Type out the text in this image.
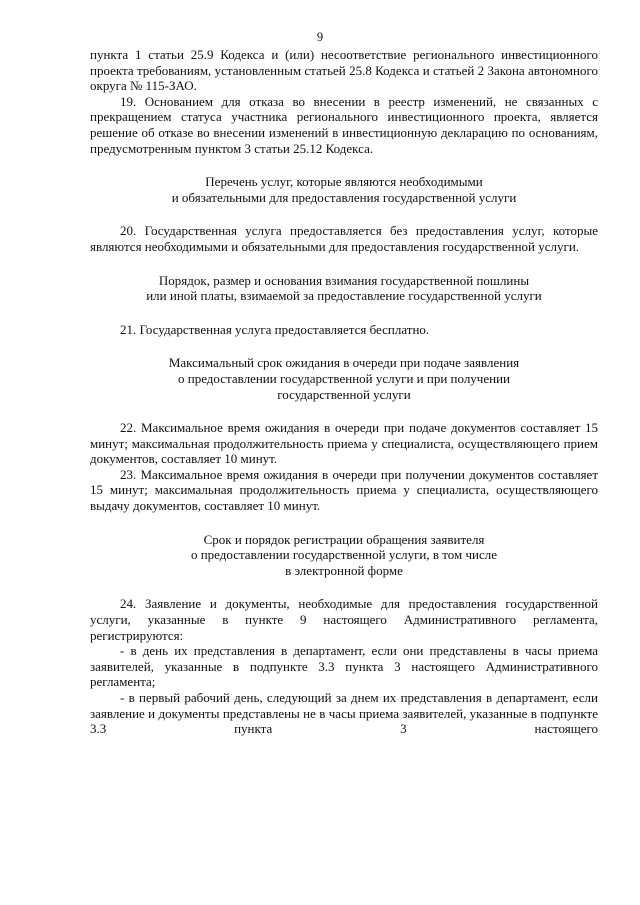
9

пункта 1 статьи 25.9 Кодекса и (или) несоответствие регионального инвестиционного проекта требованиям, установленным статьей 25.8 Кодекса и статьей 2 Закона автономного округа № 115-ЗАО.

19. Основанием для отказа во внесении в реестр изменений, не связанных с прекращением статуса участника регионального инвестиционного проекта, является решение об отказе во внесении изменений в инвестиционную декларацию по основаниям, предусмотренным пунктом 3 статьи 25.12 Кодекса.

Перечень услуг, которые являются необходимыми
и обязательными для предоставления государственной услуги

20. Государственная услуга предоставляется без предоставления услуг, которые являются необходимыми и обязательными для предоставления государственной услуги.

Порядок, размер и основания взимания государственной пошлины
или иной платы, взимаемой за предоставление государственной услуги

21. Государственная услуга предоставляется бесплатно.

Максимальный срок ожидания в очереди при подаче заявления
о предоставлении государственной услуги и при получении
государственной услуги

22. Максимальное время ожидания в очереди при подаче документов составляет 15 минут; максимальная продолжительность приема у специалиста, осуществляющего прием документов, составляет 10 минут.

23. Максимальное время ожидания в очереди при получении документов составляет 15 минут; максимальная продолжительность приема у специалиста, осуществляющего выдачу документов, составляет 10 минут.

Срок и порядок регистрации обращения заявителя
о предоставлении государственной услуги, в том числе
в электронной форме

24. Заявление и документы, необходимые для предоставления государственной услуги, указанные в пункте 9 настоящего Административного регламента, регистрируются:

- в день их представления в департамент, если они представлены в часы приема заявителей, указанные в подпункте 3.3 пункта 3 настоящего Административного регламента;

- в первый рабочий день, следующий за днем их представления в департамент, если заявление и документы представлены не в часы приема заявителей, указанные в подпункте 3.3 пункта 3 настоящего
